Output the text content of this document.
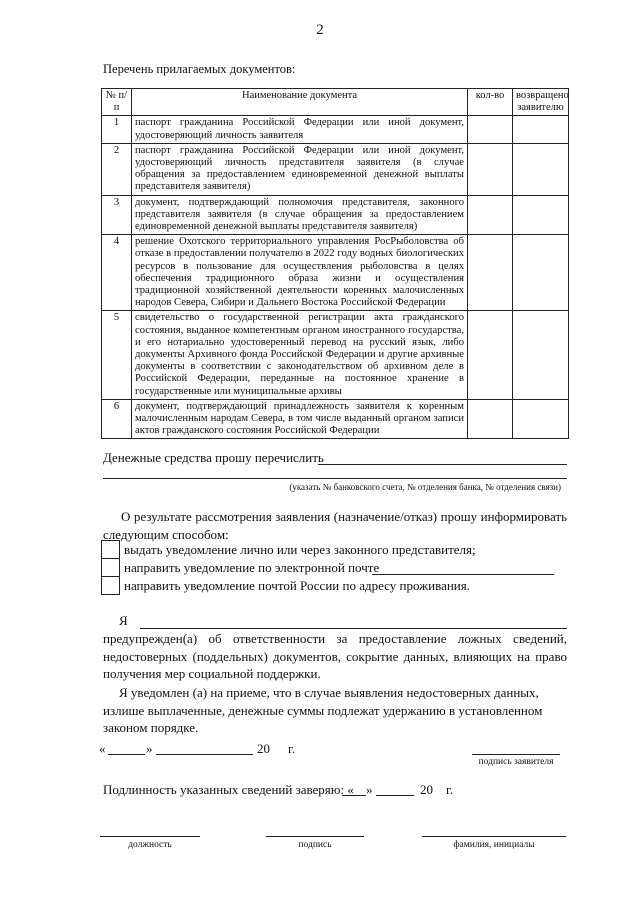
2
Перечень прилагаемых документов:
№ п/п	Наименование документа	кол-во	возвращено заявителю
1	паспорт гражданина Российской Федерации или иной документ, удостоверяющий личность заявителя		
2	паспорт гражданина Российской Федерации или иной документ, удостоверяющий личность представителя заявителя (в случае обращения за предоставлением единовременной денежной выплаты представителя заявителя)		
3	документ, подтверждающий полномочия представителя, законного представителя заявителя (в случае обращения за предоставлением единовременной денежной выплаты представителя заявителя)		
4	решение Охотского территориального управления РосРыболовства об отказе в предоставлении получателю в 2022 году водных биологических ресурсов в пользование для осуществления рыболовства в целях обеспечения традиционного образа жизни и осуществления традиционной хозяйственной деятельности коренных малочисленных народов Севера, Сибири и Дальнего Востока Российской Федерации		
5	свидетельство о государственной регистрации акта гражданского состояния, выданное компетентным органом иностранного государства, и его нотариально удостоверенный перевод на русский язык, либо документы Архивного фонда Российской Федерации и другие архивные документы в соответствии с законодательством об архивном деле в Российской Федерации, переданные на постоянное хранение в государственные или муниципальные архивы		
6	документ, подтверждающий принадлежность заявителя к коренным малочисленным народам Севера, в том числе выданный органом записи актов гражданского состояния Российской Федерации		
Денежные средства прошу перечислить
(указать № банковского счета, № отделения банка, № отделения связи)
О результате рассмотрения заявления (назначение/отказ) прошу информировать следующим способом:
выдать уведомление лично или через законного представителя;
направить уведомление по электронной почте
направить уведомление почтой России по адресу проживания.
Я
предупрежден(а) об ответственности за предоставление ложных сведений, недостоверных (поддельных) документов, сокрытие данных, влияющих на право получения мер социальной поддержки.
Я уведомлен (а) на приеме, что в случае выявления недостоверных данных, излише выплаченные, денежные суммы подлежат удержанию в установленном законом порядке.
«	»	20 г.
подпись заявителя
Подлинность указанных сведений заверяю: « »	20 г.
должность	подпись	фамилия, инициалы
